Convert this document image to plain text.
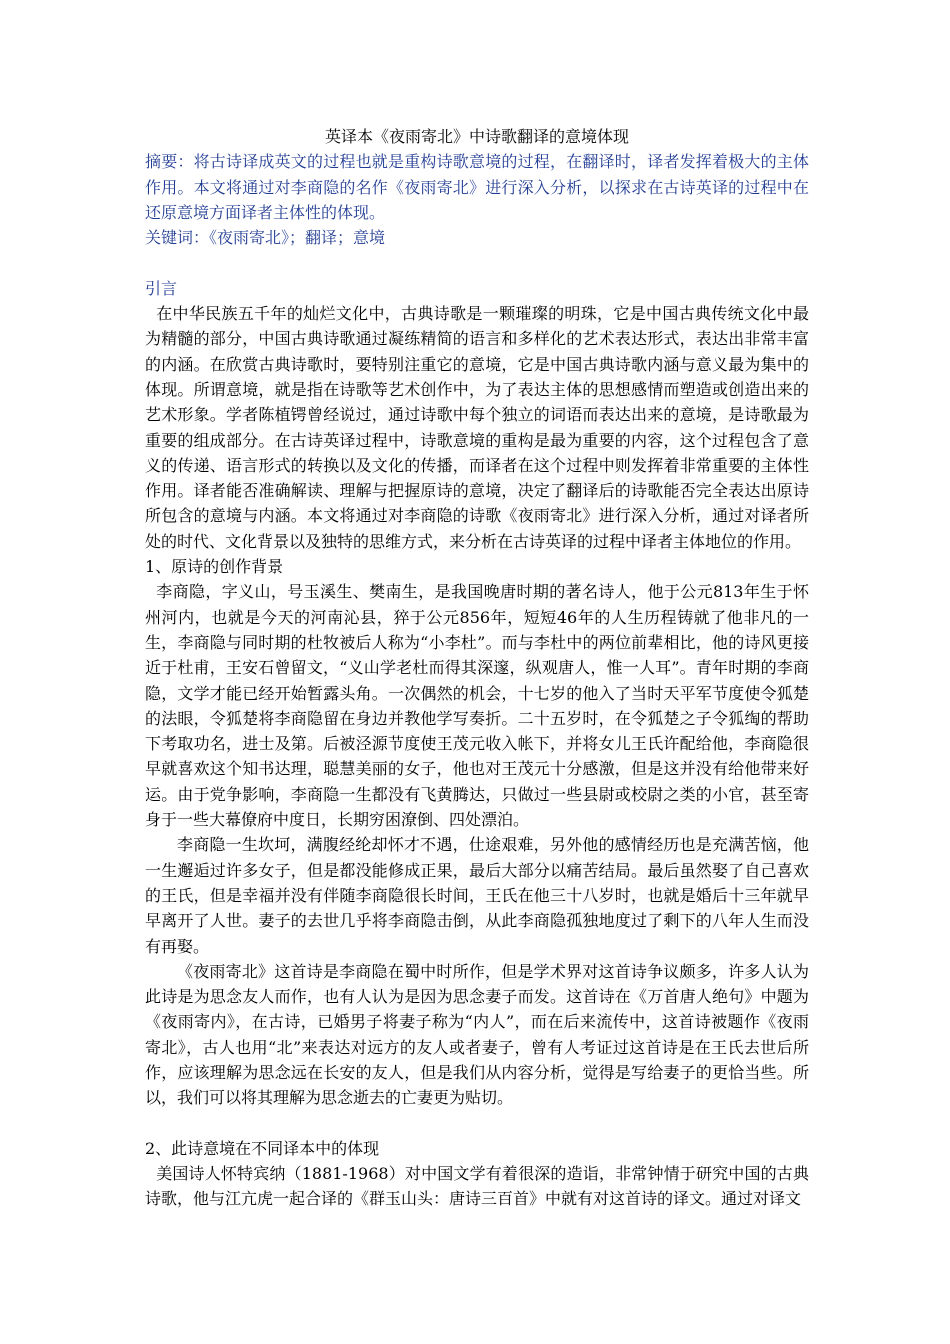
英译本《夜雨寄北》中诗歌翻译的意境体现

摘要：将古诗译成英文的过程也就是重构诗歌意境的过程，在翻译时，译者发挥着极大的主体作用。本文将通过对李商隐的名作《夜雨寄北》进行深入分析，以探求在古诗英译的过程中在还原意境方面译者主体性的体现。

关键词：《夜雨寄北》；翻译；意境

引言

在中华民族五千年的灿烂文化中，古典诗歌是一颗璀璨的明珠，它是中国古典传统文化中最为精髓的部分，中国古典诗歌通过凝练精简的语言和多样化的艺术表达形式，表达出非常丰富的内涵。在欣赏古典诗歌时，要特别注重它的意境，它是中国古典诗歌内涵与意义最为集中的体现。所谓意境，就是指在诗歌等艺术创作中，为了表达主体的思想感情而塑造或创造出来的艺术形象。学者陈植锷曾经说过，通过诗歌中每个独立的词语而表达出来的意境，是诗歌最为重要的组成部分。在古诗英译过程中，诗歌意境的重构是最为重要的内容，这个过程包含了意义的传递、语言形式的转换以及文化的传播，而译者在这个过程中则发挥着非常重要的主体性作用。译者能否准确解读、理解与把握原诗的意境，决定了翻译后的诗歌能否完全表达出原诗所包含的意境与内涵。本文将通过对李商隐的诗歌《夜雨寄北》进行深入分析，通过对译者所处的时代、文化背景以及独特的思维方式，来分析在古诗英译的过程中译者主体地位的作用。

1、原诗的创作背景

李商隐，字义山，号玉溪生、樊南生，是我国晚唐时期的著名诗人，他于公元813年生于怀州河内，也就是今天的河南沁县，猝于公元856年，短短46年的人生历程铸就了他非凡的一生，李商隐与同时期的杜牧被后人称为“小李杜”。而与李杜中的两位前辈相比，他的诗风更接近于杜甫，王安石曾留文，“义山学老杜而得其深邃，纵观唐人，惟一人耳”。青年时期的李商隐，文学才能已经开始暂露头角。一次偶然的机会，十七岁的他入了当时天平军节度使令狐楚的法眼，令狐楚将李商隐留在身边并教他学写奏折。二十五岁时，在令狐楚之子令狐绹的帮助下考取功名，进士及第。后被泾源节度使王茂元收入帐下，并将女儿王氏许配给他，李商隐很早就喜欢这个知书达理，聪慧美丽的女子，他也对王茂元十分感激，但是这并没有给他带来好运。由于党争影响，李商隐一生都没有飞黄腾达，只做过一些县尉或校尉之类的小官，甚至寄身于一些大幕僚府中度日，长期穷困潦倒、四处漂泊。

李商隐一生坎坷，满腹经纶却怀才不遇，仕途艰难，另外他的感情经历也是充满苦恼，他一生邂逅过许多女子，但是都没能修成正果，最后大部分以痛苦结局。最后虽然娶了自己喜欢的王氏，但是幸福并没有伴随李商隐很长时间，王氏在他三十八岁时，也就是婚后十三年就早早离开了人世。妻子的去世几乎将李商隐击倒，从此李商隐孤独地度过了剩下的八年人生而没有再娶。

《夜雨寄北》这首诗是李商隐在蜀中时所作，但是学术界对这首诗争议颇多，许多人认为此诗是为思念友人而作，也有人认为是因为思念妻子而发。这首诗在《万首唐人绝句》中题为《夜雨寄内》，在古诗，已婚男子将妻子称为“内人”，而在后来流传中，这首诗被题作《夜雨寄北》，古人也用“北”来表达对远方的友人或者妻子，曾有人考证过这首诗是在王氏去世后所作，应该理解为思念远在长安的友人，但是我们从内容分析，觉得是写给妻子的更恰当些。所以，我们可以将其理解为思念逝去的亡妻更为贴切。

2、此诗意境在不同译本中的体现

美国诗人怀特宾纳（1881-1968）对中国文学有着很深的造诣，非常钟情于研究中国的古典诗歌，他与江亢虎一起合译的《群玉山头：唐诗三百首》中就有对这首诗的译文。通过对译文
